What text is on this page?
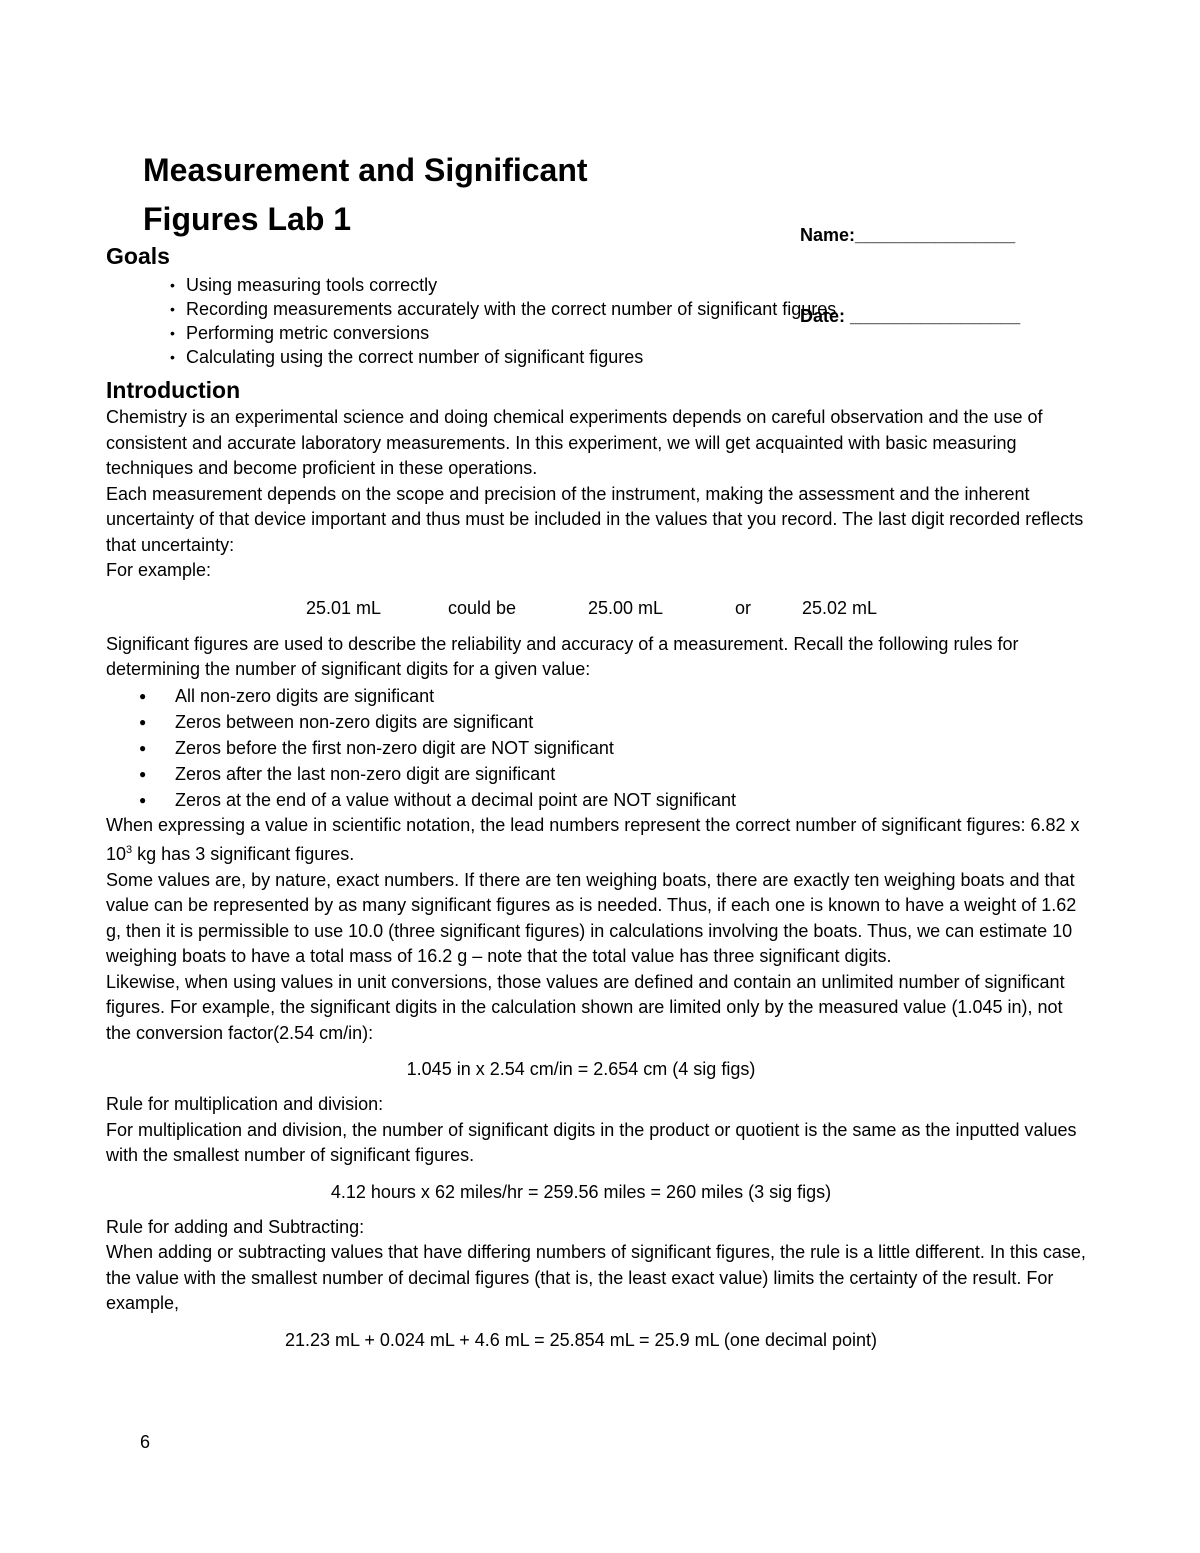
Measurement and Significant
Figures Lab 1

	Name:________________

Date: _________________

Goals
• Using measuring tools correctly
• Recording measurements accurately with the correct number of significant figures
• Performing metric conversions
• Calculating using the correct number of significant figures
Introduction

Chemistry is an experimental science and doing chemical experiments depends on careful observation and the use of consistent and accurate laboratory measurements. In this experiment, we will get acquainted with basic measuring techniques and become proficient in these operations.

Each measurement depends on the scope and precision of the instrument, making the assessment and the inherent uncertainty of that device important and thus must be included in the values that you record. The last digit recorded reflects that uncertainty:

For example:

25.01 mL

	could be

	25.00 mL

	or

	25.02 mL

Significant figures are used to describe the reliability and accuracy of a measurement. Recall the following rules for determining the number of significant digits for a given value:

● All non-zero digits are significant
● Zeros between non-zero digits are significant
● Zeros before the first non-zero digit are NOT significant
● Zeros after the last non-zero digit are significant
● Zeros at the end of a value without a decimal point are NOT significant

When expressing a value in scientific notation, the lead numbers represent the correct number of significant figures: 6.82 x $10^3$ kg has 3 significant figures.

Some values are, by nature, exact numbers. If there are ten weighing boats, there are exactly ten weighing boats and that value can be represented by as many significant figures as is needed. Thus, if each one is known to have a weight of 1.62 g, then it is permissible to use 10.0 (three significant figures) in calculations involving the boats. Thus, we can estimate 10 weighing boats to have a total mass of 16.2 g – note that the total value has three significant digits.

Likewise, when using values in unit conversions, those values are defined and contain an unlimited number of significant figures. For example, the significant digits in the calculation shown are limited only by the measured value (1.045 in), not the conversion factor(2.54 cm/in):

1.045 in x 2.54 cm/in = 2.654 cm (4 sig figs)

Rule for multiplication and division:

For multiplication and division, the number of significant digits in the product or quotient is the same as the inputted values with the smallest number of significant figures.

4.12 hours x 62 miles/hr = 259.56 miles = 260 miles (3 sig figs)

Rule for adding and Subtracting:

When adding or subtracting values that have differing numbers of significant figures, the rule is a little different. In this case, the value with the smallest number of decimal figures (that is, the least exact value) limits the certainty of the result. For example,

21.23 mL + 0.024 mL + 4.6 mL = 25.854 mL = 25.9 mL (one decimal point)
6
